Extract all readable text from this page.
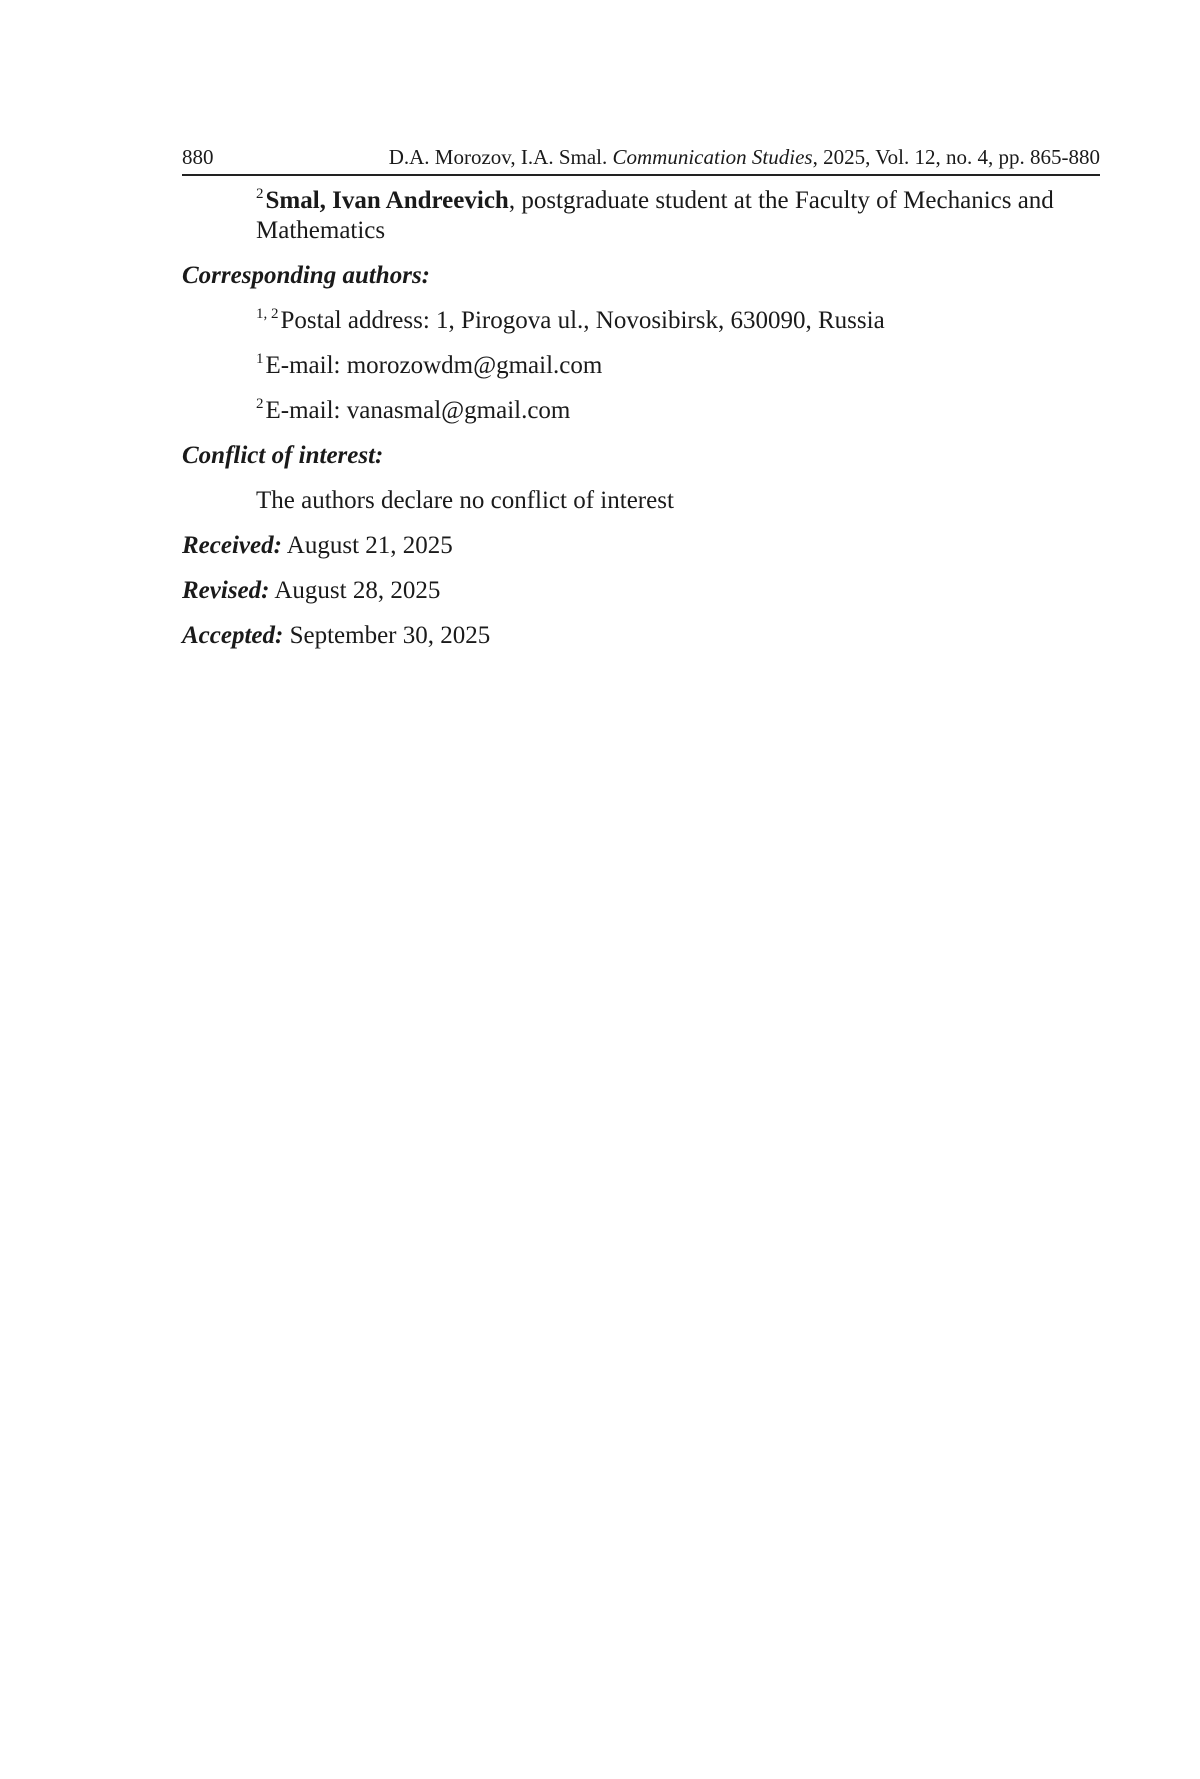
880	D.A. Morozov, I.A. Smal. Communication Studies, 2025, Vol. 12, no. 4, pp. 865-880
$^2$Smal, Ivan Andreevich, postgraduate student at the Faculty of Mechanics and
Mathematics
Corresponding authors:
$^{1, 2}$Postal address: 1, Pirogova ul., Novosibirsk, 630090, Russia
$^1$E-mail: morozowdm@gmail.com
$^2$E-mail: vanasmal@gmail.com
Conflict of interest:
The authors declare no conflict of interest
Received: August 21, 2025
Revised: August 28, 2025
Accepted: September 30, 2025
